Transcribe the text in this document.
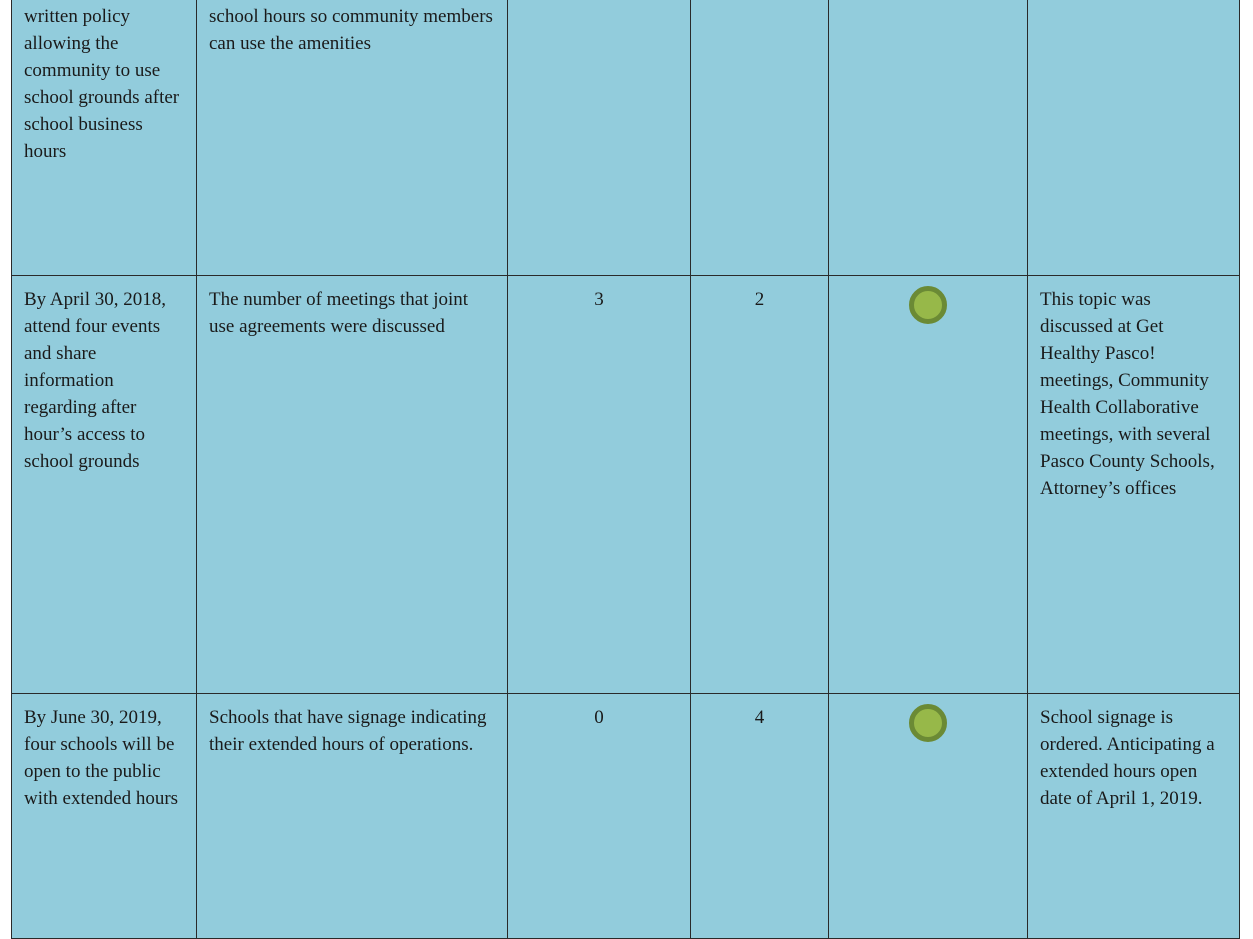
written policy allowing the community to use school grounds after school business hours	school hours so community members can use the amenities				
By April 30, 2018, attend four events and share information regarding after hour’s access to school grounds	The number of meetings that joint use agreements were discussed	3	2		This topic was discussed at Get Healthy Pasco! meetings, Community Health Collaborative meetings, with several Pasco County Schools, Attorney’s offices
By June 30, 2019, four schools will be open to the public with extended hours	Schools that have signage indicating their extended hours of operations.	0	4		School signage is ordered. Anticipating a extended hours open date of April 1, 2019.
